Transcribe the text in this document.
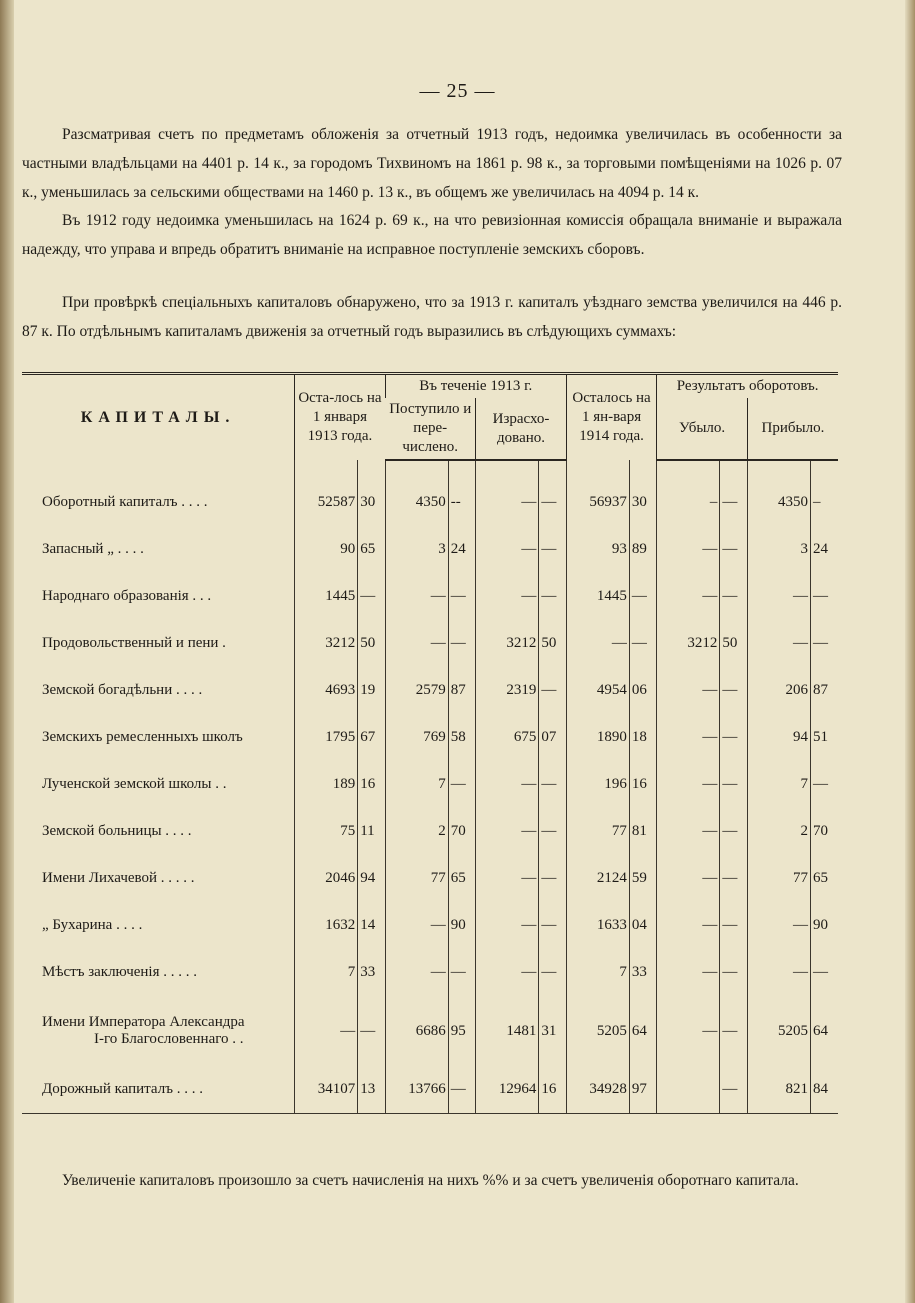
— 25 —
Разсматривая счетъ по предметамъ обложенія за отчетный 1913 годъ, недоимка увеличилась въ особенности за частными владѣльцами на 4401 р. 14 к., за городомъ Тихвиномъ на 1861 р. 98 к., за торговыми помѣщеніями на 1026 р. 07 к., уменьшилась за сельскими обществами на 1460 р. 13 к., въ общемъ же увеличилась на 4094 р. 14 к.
Въ 1912 году недоимка уменьшилась на 1624 р. 69 к., на что ревизіонная комиссія обращала вниманіе и выражала надежду, что управа и впредь обратитъ вниманіе на исправное поступленіе земскихъ сборовъ.
При провѣркѣ спеціальныхъ капиталовъ обнаружено, что за 1913 г. капиталъ уѣзднаго земства увеличился на 446 р. 87 к. По отдѣльнымъ капиталамъ движенія за отчетный годъ выразились въ слѣдующихъ суммахъ:
КАПИТАЛЫ.	Оста-лось на 1 января 1913 года.		Въ теченіе 1913 г.				Осталось на 1 ян-варя 1914 года.		Результатъ оборотовъ.			
			Поступило и пере-числено.		Израсхо-довано.				Убыло.		Прибыло.	

Оборотный капиталъ . . . .	52587	30	4350	--	—	—	56937	30	–	—	4350	–

Запасный „ . . . .	90	65	3	24	—	—	93	89	—	—	3	24

Народнаго образованія . . .	1445	—	—	—	—	—	1445	—	—	—	—	—

Продовольственный и пени .	3212	50	—	—	3212	50	—	—	3212	50	—	—

Земской богадѣльни . . . .	4693	19	2579	87	2319	—	4954	06	—	—	206	87

Земскихъ ремесленныхъ школъ	1795	67	769	58	675	07	1890	18	—	—	94	51

Лученской земской школы . .	189	16	7	—	—	—	196	16	—	—	7	—

Земской больницы . . . .	75	11	2	70	—	—	77	81	—	—	2	70

Имени Лихачевой . . . . .	2046	94	77	65	—	—	2124	59	—	—	77	65

„ Бухарина . . . .	1632	14	—	90	—	—	1633	04	—	—	—	90

Мѣстъ заключенія . . . . .	7	33	—	—	—	—	7	33	—	—	—	—

Имени Императора Александра
I-го Благословеннаго . .	—	—	6686	95	1481	31	5205	64	—	—	5205	64

Дорожный капиталъ . . . .	34107	13	13766	—	12964	16	34928	97		—	821	84
Увеличеніе капиталовъ произошло за счетъ начисленія на нихъ %% и за счетъ увеличенія оборотнаго капитала.
